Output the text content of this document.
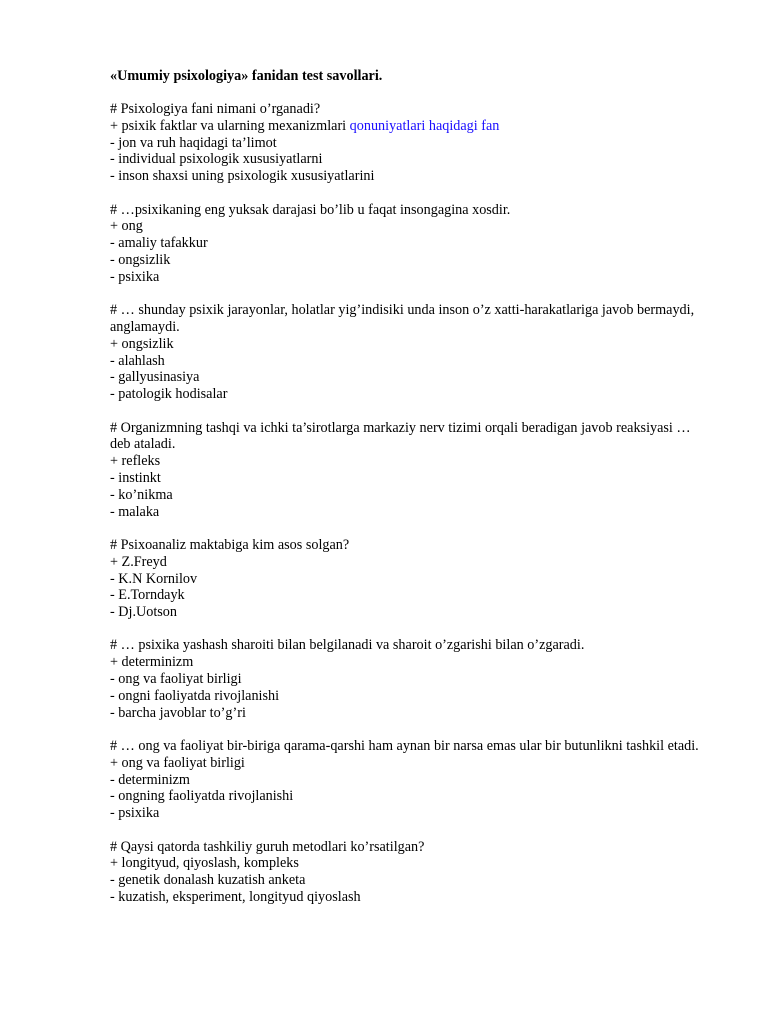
«Umumiy psixologiya» fanidan test savollari.
# Psixologiya fani nimani o’rganadi?
+ psixik faktlar va ularning mexanizmlari qonuniyatlari haqidagi fan
- jon va ruh haqidagi ta’limot
- individual psixologik xususiyatlarni
- inson shaxsi uning psixologik xususiyatlarini
# …psixikaning eng yuksak darajasi bo’lib u faqat insongagina xosdir.
+ ong
- amaliy tafakkur
- ongsizlik
- psixika
# … shunday psixik jarayonlar, holatlar yig’indisiki unda inson o’z xatti-harakatlariga javob bermaydi, anglamaydi.
+ ongsizlik
- alahlash
- gallyusinasiya
- patologik hodisalar
# Organizmning tashqi va ichki ta’sirotlarga markaziy nerv tizimi orqali beradigan javob reaksiyasi …deb ataladi.
+ refleks
- instinkt
- ko’nikma
- malaka
# Psixoanaliz maktabiga kim asos solgan?
+ Z.Freyd
- K.N Kornilov
- E.Torndayk
- Dj.Uotson
# … psixika yashash sharoiti bilan belgilanadi va sharoit o’zgarishi bilan o’zgaradi.
+ determinizm
- ong va faoliyat birligi
- ongni faoliyatda rivojlanishi
- barcha javoblar to’g’ri
# … ong va faoliyat bir-biriga qarama-qarshi ham aynan bir narsa emas ular bir butunlikni tashkil etadi.
+ ong va faoliyat birligi
- determinizm
- ongning faoliyatda rivojlanishi
- psixika
# Qaysi qatorda tashkiliy guruh metodlari ko’rsatilgan?
+ longityud, qiyoslash, kompleks
- genetik donalash kuzatish anketa
- kuzatish, eksperiment, longityud qiyoslash
